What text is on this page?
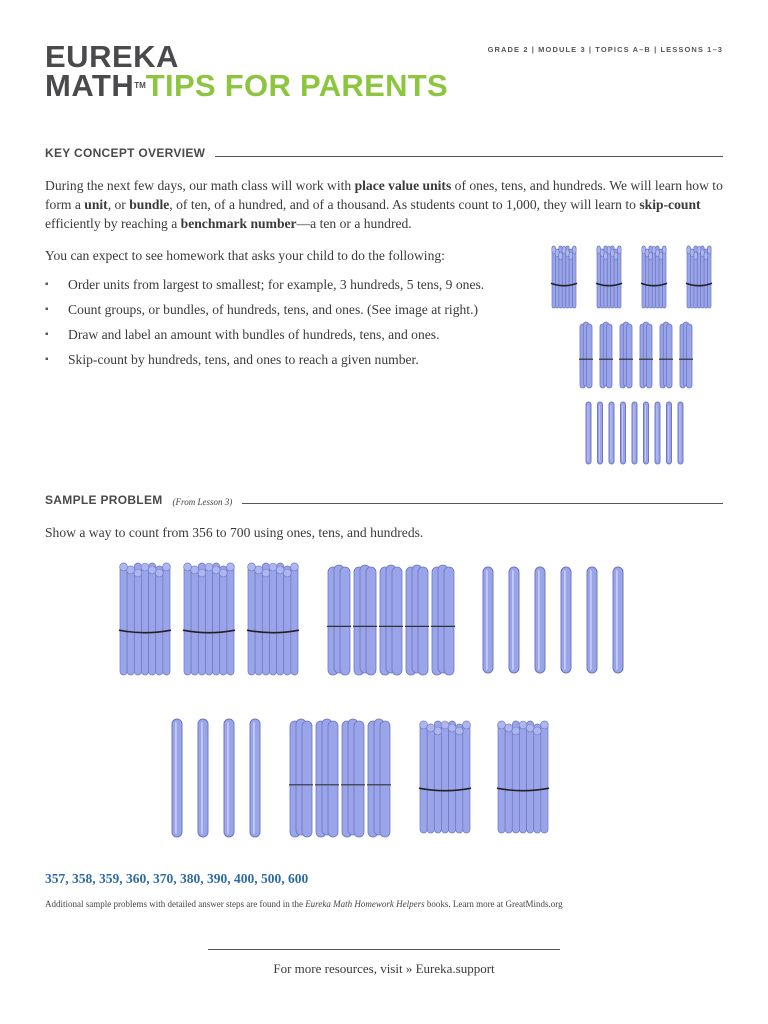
EUREKA
MATH™TIPS FOR PARENTS
GRADE 2 | MODULE 3 | TOPICS A–B | LESSONS 1–3
KEY CONCEPT OVERVIEW
During the next few days, our math class will work with place value units of ones, tens, and hundreds. We will learn how to form a unit, or bundle, of ten, of a hundred, and of a thousand. As students count to 1,000, they will learn to skip-count efficiently by reaching a benchmark number—a ten or a hundred.
You can expect to see homework that asks your child to do the following:
▪ Order units from largest to smallest; for example, 3 hundreds, 5 tens, 9 ones.
▪ Count groups, or bundles, of hundreds, tens, and ones. (See image at right.)
▪ Draw and label an amount with bundles of hundreds, tens, and ones.
▪ Skip-count by hundreds, tens, and ones to reach a given number.
SAMPLE PROBLEM (From Lesson 3)
Show a way to count from 356 to 700 using ones, tens, and hundreds.
357, 358, 359, 360, 370, 380, 390, 400, 500, 600
Additional sample problems with detailed answer steps are found in the Eureka Math Homework Helpers books. Learn more at GreatMinds.org
For more resources, visit » Eureka.support
